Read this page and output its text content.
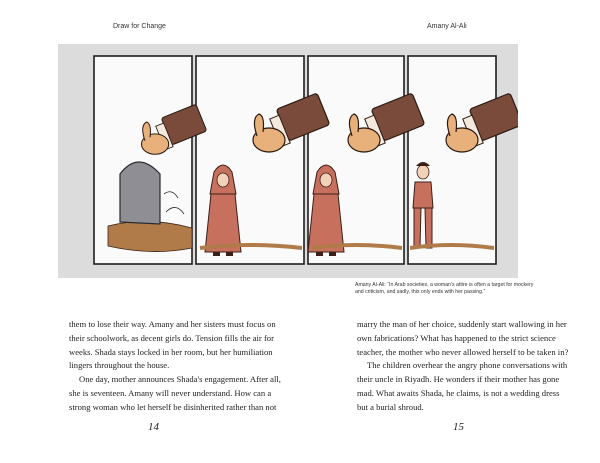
Draw for Change	Amany Al-Ali
Amany Al-Ali: “In Arab societies, a woman's attire is often a target for mockery and criticism, and sadly, this only ends with her passing.”

them to lose their way. Amany and her sisters must focus on their schoolwork, as decent girls do. Tension fills the air for weeks. Shada stays locked in her room, but her humiliation lingers throughout the house.

One day, mother announces Shada's engagement. After all, she is seventeen. Amany will never understand. How can a strong woman who let herself be disinherited rather than not

marry the man of her choice, suddenly start wallowing in her own fabrications? What has happened to the strict science teacher, the mother who never allowed herself to be taken in?

The children overhear the angry phone conversations with their uncle in Riyadh. He wonders if their mother has gone mad. What awaits Shada, he claims, is not a wedding dress but a burial shroud.

14	15
